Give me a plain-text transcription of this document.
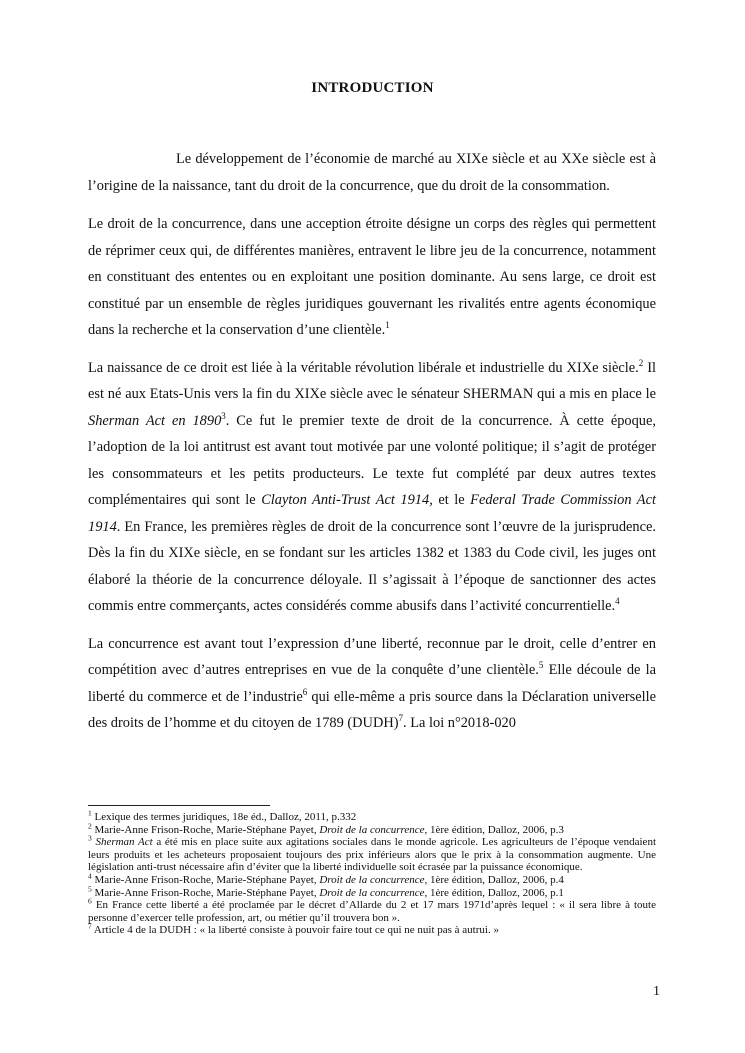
INTRODUCTION

Le développement de l’économie de marché au XIXe siècle et au XXe siècle est à l’origine de la naissance, tant du droit de la concurrence, que du droit de la consommation.

Le droit de la concurrence, dans une acception étroite désigne un corps des règles qui permettent de réprimer ceux qui, de différentes manières, entravent le libre jeu de la concurrence, notamment en constituant des ententes ou en exploitant une position dominante. Au sens large, ce droit est constitué par un ensemble de règles juridiques gouvernant les rivalités entre agents économique dans la recherche et la conservation d’une clientèle.$^1$

La naissance de ce droit est liée à la véritable révolution libérale et industrielle du XIXe siècle.$^2$ Il est né aux Etats-Unis vers la fin du XIXe siècle avec le sénateur SHERMAN qui a mis en place le Sherman Act en 1890$^3$. Ce fut le premier texte de droit de la concurrence. À cette époque, l’adoption de la loi antitrust est avant tout motivée par une volonté politique; il s’agit de protéger les consommateurs et les petits producteurs. Le texte fut complété par deux autres textes complémentaires qui sont le Clayton Anti-Trust Act 1914, et le Federal Trade Commission Act 1914. En France, les premières règles de droit de la concurrence sont l’œuvre de la jurisprudence. Dès la fin du XIXe siècle, en se fondant sur les articles 1382 et 1383 du Code civil, les juges ont élaboré la théorie de la concurrence déloyale. Il s’agissait à l’époque de sanctionner des actes commis entre commerçants, actes considérés comme abusifs dans l’activité concurrentielle.$^4$

La concurrence est avant tout l’expression d’une liberté, reconnue par le droit, celle d’entrer en compétition avec d’autres entreprises en vue de la conquête d’une clientèle.$^5$ Elle découle de la liberté du commerce et de l’industrie$^6$ qui elle-même a pris source dans la Déclaration universelle des droits de l’homme et du citoyen de 1789 (DUDH)$^7$. La loi n°2018-020

$^1$ Lexique des termes juridiques, 18e éd., Dalloz, 2011, p.332
$^2$ Marie-Anne Frison-Roche, Marie-Stéphane Payet, Droit de la concurrence, 1ère édition, Dalloz, 2006, p.3
$^3$ Sherman Act a été mis en place suite aux agitations sociales dans le monde agricole. Les agriculteurs de l’époque vendaient leurs produits et les acheteurs proposaient toujours des prix inférieurs alors que le prix à la consommation augmente. Une législation anti-trust nécessaire afin d’éviter que la liberté individuelle soit écrasée par la puissance économique.
$^4$ Marie-Anne Frison-Roche, Marie-Stéphane Payet, Droit de la concurrence, 1ère édition, Dalloz, 2006, p.4
$^5$ Marie-Anne Frison-Roche, Marie-Stéphane Payet, Droit de la concurrence, 1ère édition, Dalloz, 2006, p.1
$^6$ En France cette liberté a été proclamée par le décret d’Allarde du 2 et 17 mars 1971d’après lequel : « il sera libre à toute personne d’exercer telle profession, art, ou métier qu’il trouvera bon ».
$^7$ Article 4 de la DUDH : « la liberté consiste à pouvoir faire tout ce qui ne nuit pas à autrui. »
1
